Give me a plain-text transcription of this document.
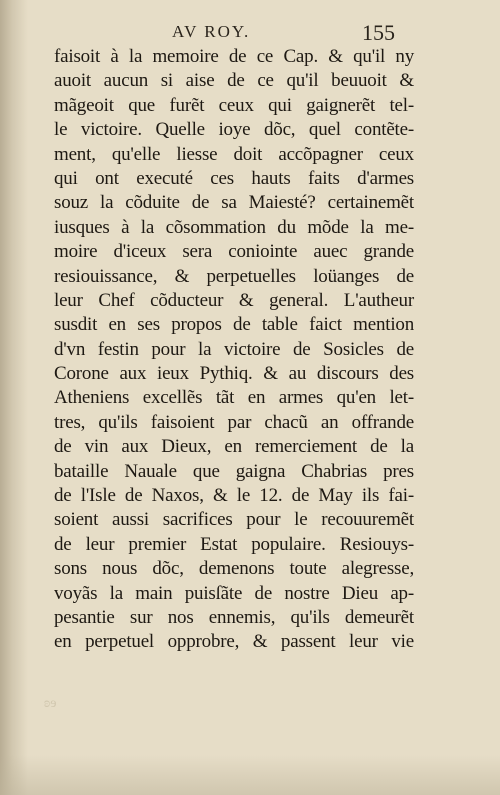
AV ROY.	155
faisoit à la memoire de ce Cap. & qu'il ny
auoit aucun si aise de ce qu'il beuuoit &
mãgeoit que furẽt ceux qui gaignerẽt tel-
le victoire. Quelle ioye dõc, quel contẽte-
ment, qu'elle liesse doit accõpagner ceux
qui ont executé ces hauts faits d'armes
souz la cõduite de sa Maiesté? certainemẽt
iusques à la cõsommation du mõde la me-
moire d'iceux sera coniointe auec grande
resiouissance, & perpetuelles loüanges de
leur Chef cõducteur & general. L'autheur
susdit en ses propos de table faict mention
d'vn festin pour la victoire de Sosicles de
Corone aux ieux Pythiq. & au discours des
Atheniens excellẽs tãt en armes qu'en let-
tres, qu'ils faisoient par chacũ an offrande
de vin aux Dieux, en remerciement de la
bataille Nauale que gaigna Chabrias pres
de l'Isle de Naxos, & le 12. de May ils fai-
soient aussi sacrifices pour le recouuremẽt
de leur premier Estat populaire. Resiouys-
sons nous dõc, demenons toute alegresse,
voyãs la main puisſãte de nostre Dieu ap-
pesantie sur nos ennemis, qu'ils demeurẽt
en perpetuel opprobre, & passent leur vie
ʚɘ
